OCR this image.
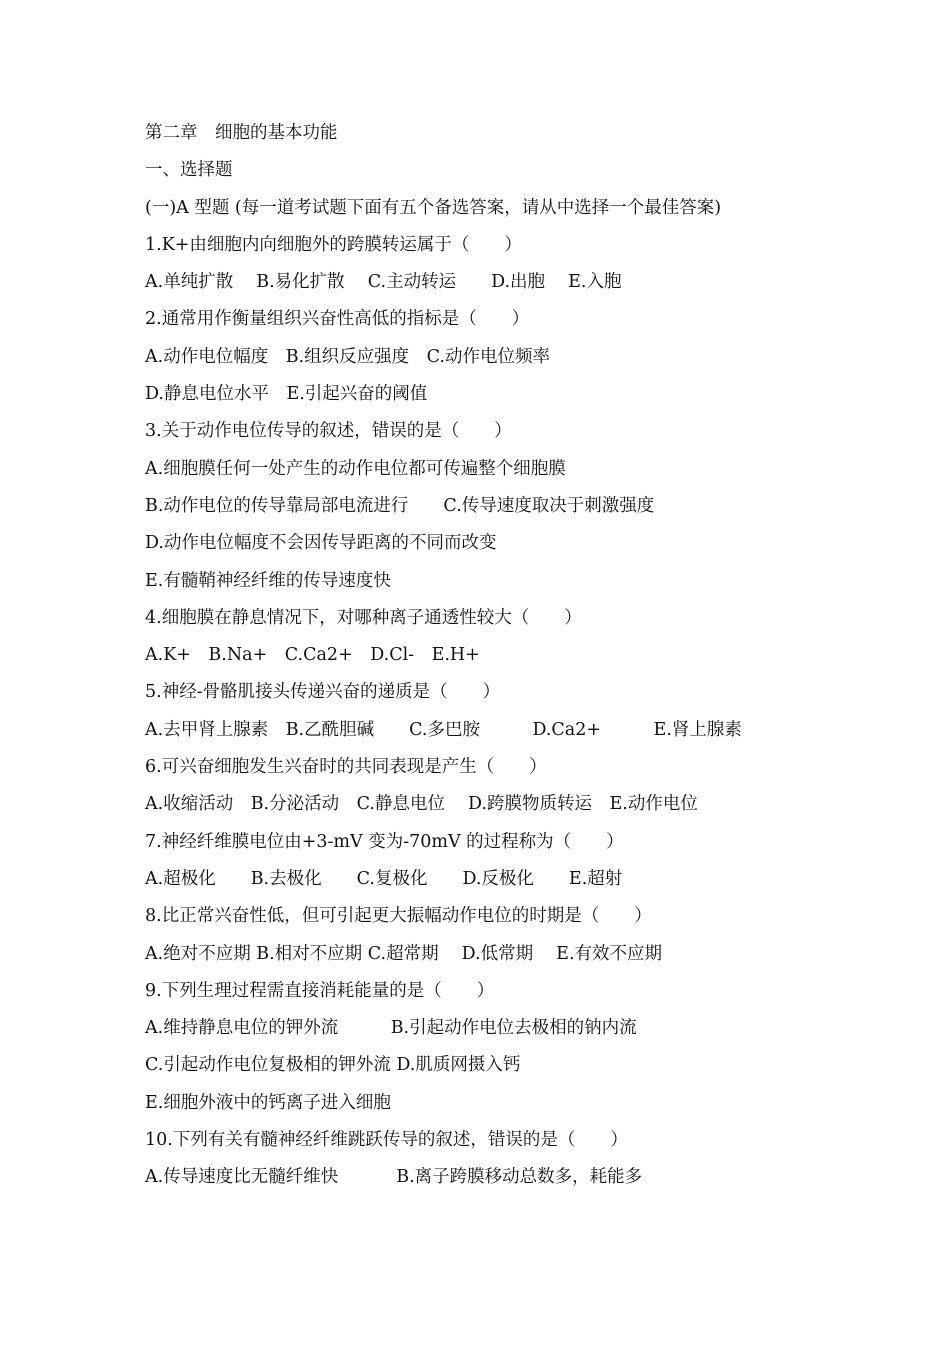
第二章　细胞的基本功能
一、选择题
(一)A 型题 (每一道考试题下面有五个备选答案，请从中选择一个最佳答案)
1.K+由细胞内向细胞外的跨膜转运属于（　　）
A.单纯扩散　 B.易化扩散　 C.主动转运　　D.出胞　 E.入胞
2.通常用作衡量组织兴奋性高低的指标是（　　）
A.动作电位幅度　B.组织反应强度　C.动作电位频率
D.静息电位水平　E.引起兴奋的阈值
3.关于动作电位传导的叙述，错误的是（　　）
A.细胞膜任何一处产生的动作电位都可传遍整个细胞膜
B.动作电位的传导靠局部电流进行　　C.传导速度取决于刺激强度
D.动作电位幅度不会因传导距离的不同而改变
E.有髓鞘神经纤维的传导速度快
4.细胞膜在静息情况下，对哪种离子通透性较大（　　）
A.K+　B.Na+　C.Ca2+　D.Cl-　E.H+
5.神经-骨骼肌接头传递兴奋的递质是（　　）
A.去甲肾上腺素　B.乙酰胆碱　　C.多巴胺　　　D.Ca2+　　　E.肾上腺素
6.可兴奋细胞发生兴奋时的共同表现是产生（　　）
A.收缩活动　B.分泌活动　C.静息电位　 D.跨膜物质转运　E.动作电位
7.神经纤维膜电位由+3-mV 变为-70mV 的过程称为（　　）
A.超极化　　B.去极化　　C.复极化　　D.反极化　　E.超射
8.比正常兴奋性低，但可引起更大振幅动作电位的时期是（　　）
A.绝对不应期 B.相对不应期 C.超常期　 D.低常期　 E.有效不应期
9.下列生理过程需直接消耗能量的是（　　）
A.维持静息电位的钾外流　　　B.引起动作电位去极相的钠内流
C.引起动作电位复极相的钾外流 D.肌质网摄入钙
E.细胞外液中的钙离子进入细胞
10.下列有关有髓神经纤维跳跃传导的叙述，错误的是（　　）
A.传导速度比无髓纤维快　　　 B.离子跨膜移动总数多，耗能多
